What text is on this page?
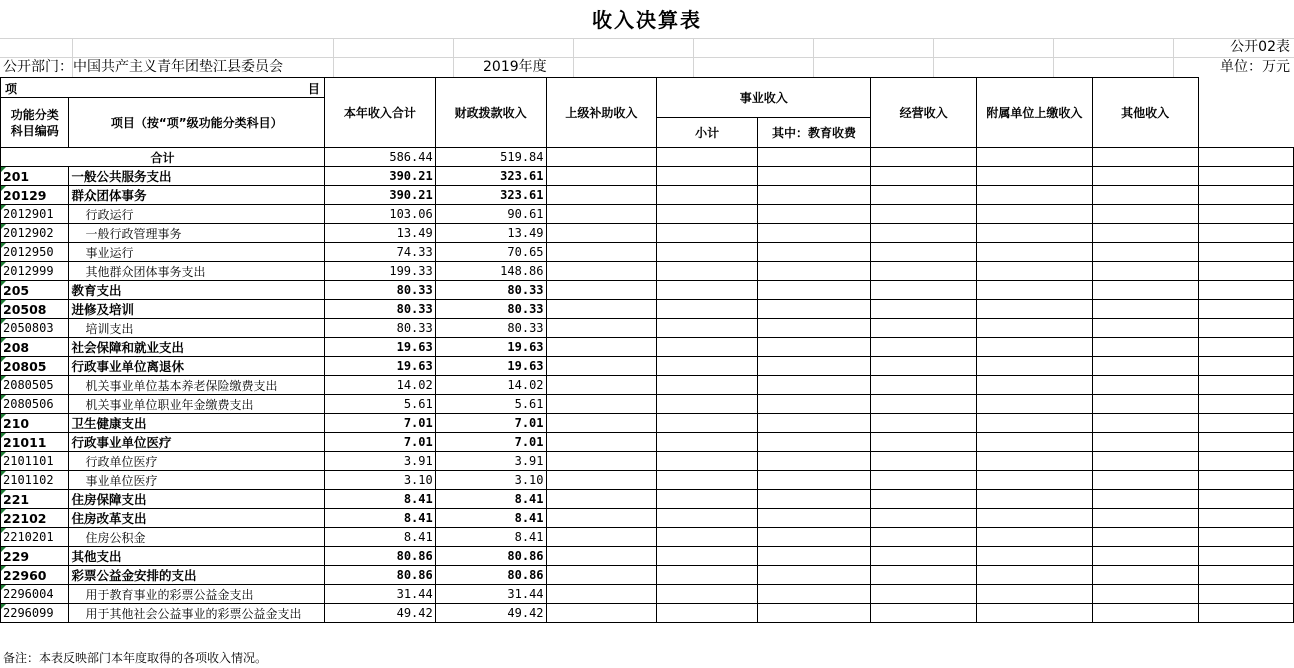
收入决算表
公开02表
公开部门：中国共产主义青年团垫江县委员会	2019年度	单位：万元
项 目		本年收入合计	财政拨款收入	上级补助收入	事业收入		经营收入	附属单位上缴收入	其他收入	
功能分类科目编码	项目（按“项”级功能分类科目）									
					小计	其中：教育收费				
合计		586.44	519.84							
201	一般公共服务支出	390.21	323.61							
20129	群众团体事务	390.21	323.61							
2012901	行政运行	103.06	90.61							
2012902	一般行政管理事务	13.49	13.49							
2012950	事业运行	74.33	70.65							
2012999	其他群众团体事务支出	199.33	148.86							
205	教育支出	80.33	80.33							
20508	进修及培训	80.33	80.33							
2050803	培训支出	80.33	80.33							
208	社会保障和就业支出	19.63	19.63							
20805	行政事业单位离退休	19.63	19.63							
2080505	机关事业单位基本养老保险缴费支出	14.02	14.02							
2080506	机关事业单位职业年金缴费支出	5.61	5.61							
210	卫生健康支出	7.01	7.01							
21011	行政事业单位医疗	7.01	7.01							
2101101	行政单位医疗	3.91	3.91							
2101102	事业单位医疗	3.10	3.10							
221	住房保障支出	8.41	8.41							
22102	住房改革支出	8.41	8.41							
2210201	住房公积金	8.41	8.41							
229	其他支出	80.86	80.86							
22960	彩票公益金安排的支出	80.86	80.86							
2296004	用于教育事业的彩票公益金支出	31.44	31.44							
2296099	用于其他社会公益事业的彩票公益金支出	49.42	49.42							
备注：本表反映部门本年度取得的各项收入情况。
